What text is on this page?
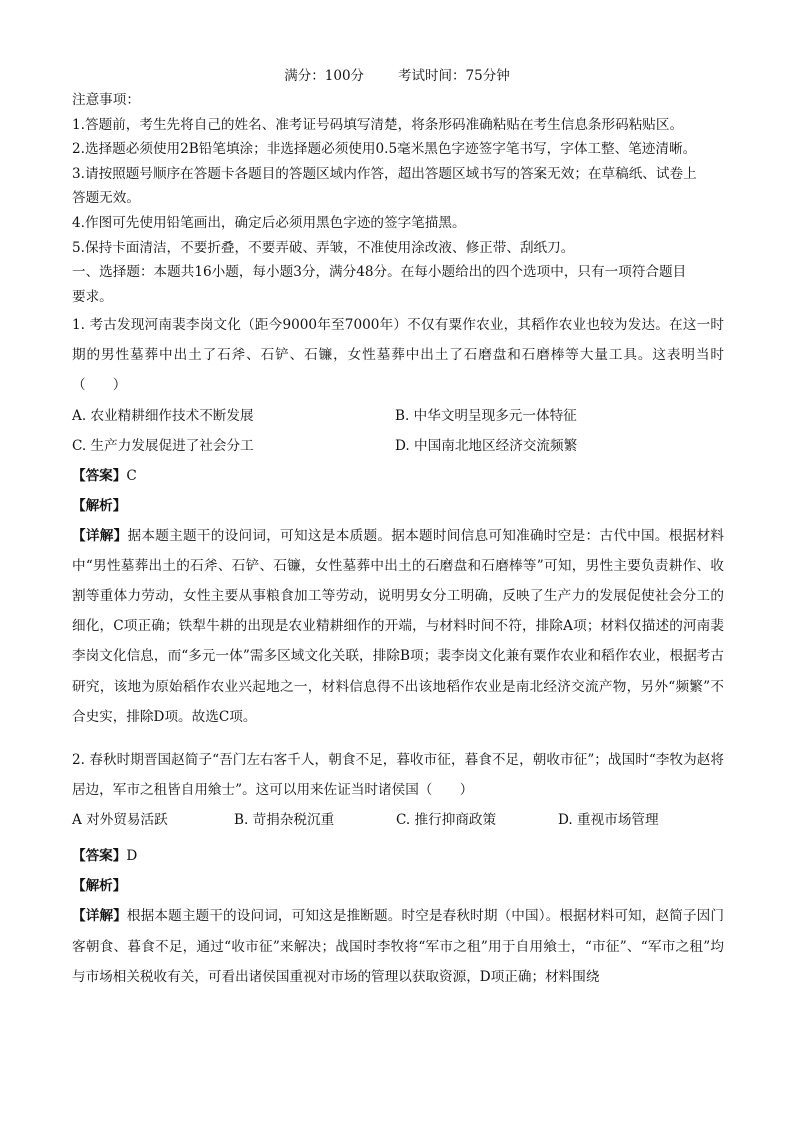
满分：100分	考试时间：75分钟
注意事项：
1.答题前，考生先将自己的姓名、准考证号码填写清楚，将条形码准确粘贴在考生信息条形码粘贴区。
2.选择题必须使用2B铅笔填涂；非选择题必须使用0.5毫米黑色字迹签字笔书写，字体工整、笔迹清晰。
3.请按照题号顺序在答题卡各题目的答题区域内作答，超出答题区域书写的答案无效；在草稿纸、试卷上
答题无效。
4.作图可先使用铅笔画出，确定后必须用黑色字迹的签字笔描黑。
5.保持卡面清洁，不要折叠，不要弄破、弄皱，不准使用涂改液、修正带、刮纸刀。
一、选择题：本题共16小题，每小题3分，满分48分。在每小题给出的四个选项中，只有一项符合题目
要求。
1. 考古发现河南裴李岗文化（距今9000年至7000年）不仅有粟作农业，其稻作农业也较为发达。在这一时期的男性墓葬中出土了石斧、石铲、石镰，女性墓葬中出土了石磨盘和石磨棒等大量工具。这表明当时（　　）
A. 农业精耕细作技术不断发展	B. 中华文明呈现多元一体特征
C. 生产力发展促进了社会分工	D. 中国南北地区经济交流频繁
【答案】C
【解析】
【详解】据本题主题干的设问词，可知这是本质题。据本题时间信息可知准确时空是：古代中国。根据材料中“男性墓葬出土的石斧、石铲、石镰，女性墓葬中出土的石磨盘和石磨棒等”可知，男性主要负责耕作、收割等重体力劳动，女性主要从事粮食加工等劳动，说明男女分工明确，反映了生产力的发展促使社会分工的细化，C项正确；铁犁牛耕的出现是农业精耕细作的开端，与材料时间不符，排除A项；材料仅描述的河南裴李岗文化信息，而“多元一体”需多区域文化关联，排除B项；裴李岗文化兼有粟作农业和稻作农业，根据考古研究，该地为原始稻作农业兴起地之一，材料信息得不出该地稻作农业是南北经济交流产物，另外“频繁”不合史实，排除D项。故选C项。
2. 春秋时期晋国赵简子“吾门左右客千人，朝食不足，暮收市征，暮食不足，朝收市征”；战国时“李牧为赵将居边，军市之租皆自用飨士”。这可以用来佐证当时诸侯国（　　）
A 对外贸易活跃	B. 苛捐杂税沉重	C. 推行抑商政策	D. 重视市场管理
【答案】D
【解析】
【详解】根据本题主题干的设问词，可知这是推断题。时空是春秋时期（中国）。根据材料可知，赵简子因门客朝食、暮食不足，通过“收市征”来解决；战国时李牧将“军市之租”用于自用飨士，“市征”、“军市之租”均与市场相关税收有关，可看出诸侯国重视对市场的管理以获取资源，D项正确；材料围绕
